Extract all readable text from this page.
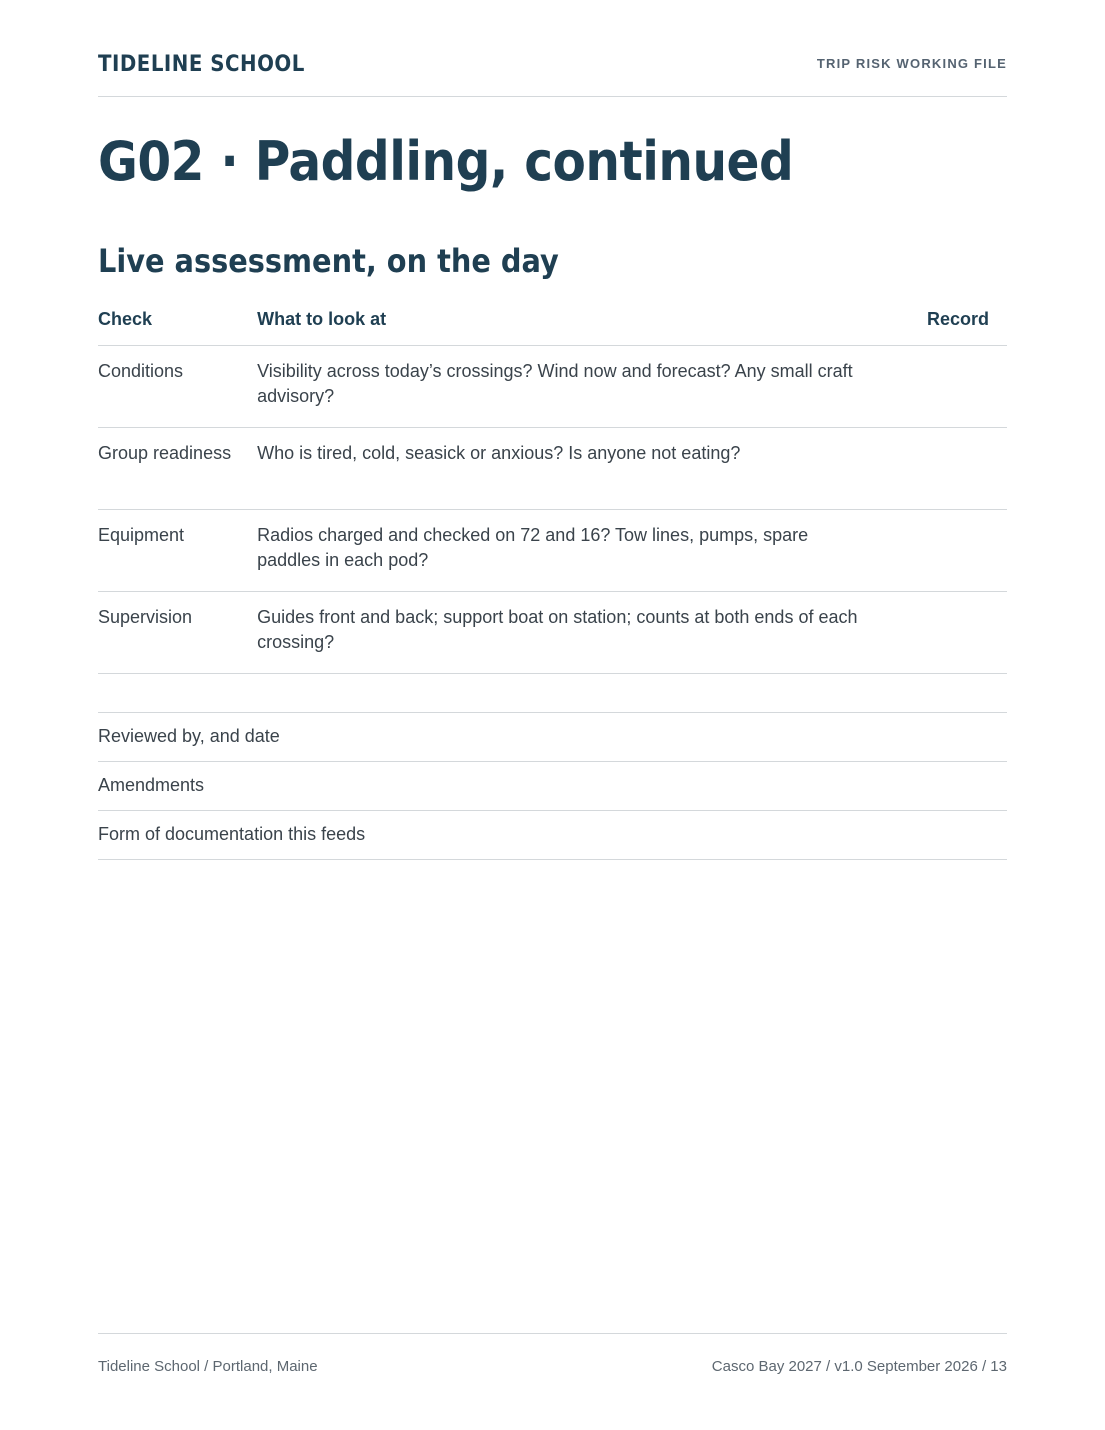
TIDELINE SCHOOL	TRIP RISK WORKING FILE
G02 · Paddling, continued
Live assessment, on the day
Check	What to look at	Record
Conditions	Visibility across today’s crossings? Wind now and forecast? Any small craft advisory?	
Group readiness	Who is tired, cold, seasick or anxious? Is anyone not eating?	
Equipment	Radios charged and checked on 72 and 16? Tow lines, pumps, spare paddles in each pod?	
Supervision	Guides front and back; support boat on station; counts at both ends of each crossing?	
Reviewed by, and date
Amendments
Form of documentation this feeds
Tideline School / Portland, Maine	Casco Bay 2027 / v1.0 September 2026 / 13
